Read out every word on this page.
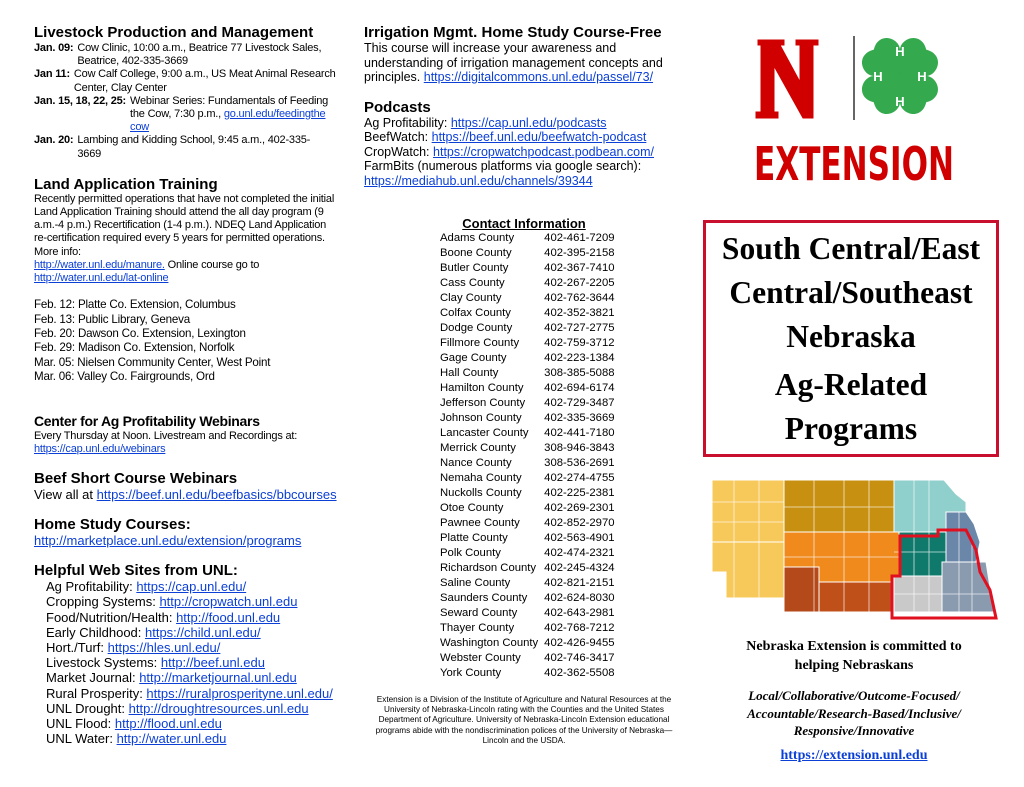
Livestock Production and Management
Jan. 09: Cow Clinic, 10:00 a.m., Beatrice 77 Livestock Sales, Beatrice, 402-335-3669
Jan 11: Cow Calf College, 9:00 a.m., US Meat Animal Research Center, Clay Center
Jan. 15, 18, 22, 25: Webinar Series: Fundamentals of Feeding the Cow, 7:30 p.m., go.unl.edu/feedingthecow
Jan. 20: Lambing and Kidding School, 9:45 a.m., 402-335-3669
Land Application Training
Recently permitted operations that have not completed the initial Land Application Training should attend the all day program (9 a.m.-4 p.m.) Recertification (1-4 p.m.). NDEQ Land Application re-certification required every 5 years for permitted operations. More info:
http://water.unl.edu/manure. Online course go to
http://water.unl.edu/lat-online
Feb. 12: Platte Co. Extension, Columbus
Feb. 13: Public Library, Geneva
Feb. 20: Dawson Co. Extension, Lexington
Feb. 29: Madison Co. Extension, Norfolk
Mar. 05: Nielsen Community Center, West Point
Mar. 06: Valley Co. Fairgrounds, Ord
Center for Ag Profitability Webinars
Every Thursday at Noon. Livestream and Recordings at:
https://cap.unl.edu/webinars
Beef Short Course Webinars
View all at https://beef.unl.edu/beefbasics/bbcourses
Home Study Courses:
http://marketplace.unl.edu/extension/programs
Helpful Web Sites from UNL:
Ag Profitability: https://cap.unl.edu/
Cropping Systems: http://cropwatch.unl.edu
Food/Nutrition/Health: http://food.unl.edu
Early Childhood: https://child.unl.edu/
Hort./Turf: https://hles.unl.edu/
Livestock Systems: http://beef.unl.edu
Market Journal: http://marketjournal.unl.edu
Rural Prosperity: https://ruralprosperityne.unl.edu/
UNL Drought: http://droughtresources.unl.edu
UNL Flood: http://flood.unl.edu
UNL Water: http://water.unl.edu
Irrigation Mgmt. Home Study Course-Free
This course will increase your awareness and understanding of irrigation management concepts and principles. https://digitalcommons.unl.edu/passel/73/
Podcasts
Ag Profitability: https://cap.unl.edu/podcasts
BeefWatch: https://beef.unl.edu/beefwatch-podcast
CropWatch: https://cropwatchpodcast.podbean.com/
FarmBits (numerous platforms via google search):
https://mediahub.unl.edu/channels/39344
Contact Information
Adams County	402-461-7209
Boone County	402-395-2158
Butler County	402-367-7410
Cass County	402-267-2205
Clay County	402-762-3644
Colfax County	402-352-3821
Dodge County	402-727-2775
Fillmore County	402-759-3712
Gage County	402-223-1384
Hall County	308-385-5088
Hamilton County	402-694-6174
Jefferson County	402-729-3487
Johnson County	402-335-3669
Lancaster County	402-441-7180
Merrick County	308-946-3843
Nance County	308-536-2691
Nemaha County	402-274-4755
Nuckolls County	402-225-2381
Otoe County	402-269-2301
Pawnee County	402-852-2970
Platte County	402-563-4901
Polk County	402-474-2321
Richardson County	402-245-4324
Saline County	402-821-2151
Saunders County	402-624-8030
Seward County	402-643-2981
Thayer County	402-768-7212
Washington County	402-426-9455
Webster County	402-746-3417
York County	402-362-5508
Extension is a Division of the Institute of Agriculture and Natural Resources at the University of Nebraska-Lincoln rating with the Counties and the United States Department of Agriculture. University of Nebraska-Lincoln Extension educational programs abide with the nondiscrimination polices of the University of Nebraska—Lincoln and the USDA.
H
H
H
H
EXTENSION
South Central/East
Central/Southeast
Nebraska
Ag-Related
Programs
Nebraska Extension is committed to helping Nebraskans
Local/Collaborative/Outcome-Focused/ Accountable/Research-Based/Inclusive/ Responsive/Innovative
https://extension.unl.edu
